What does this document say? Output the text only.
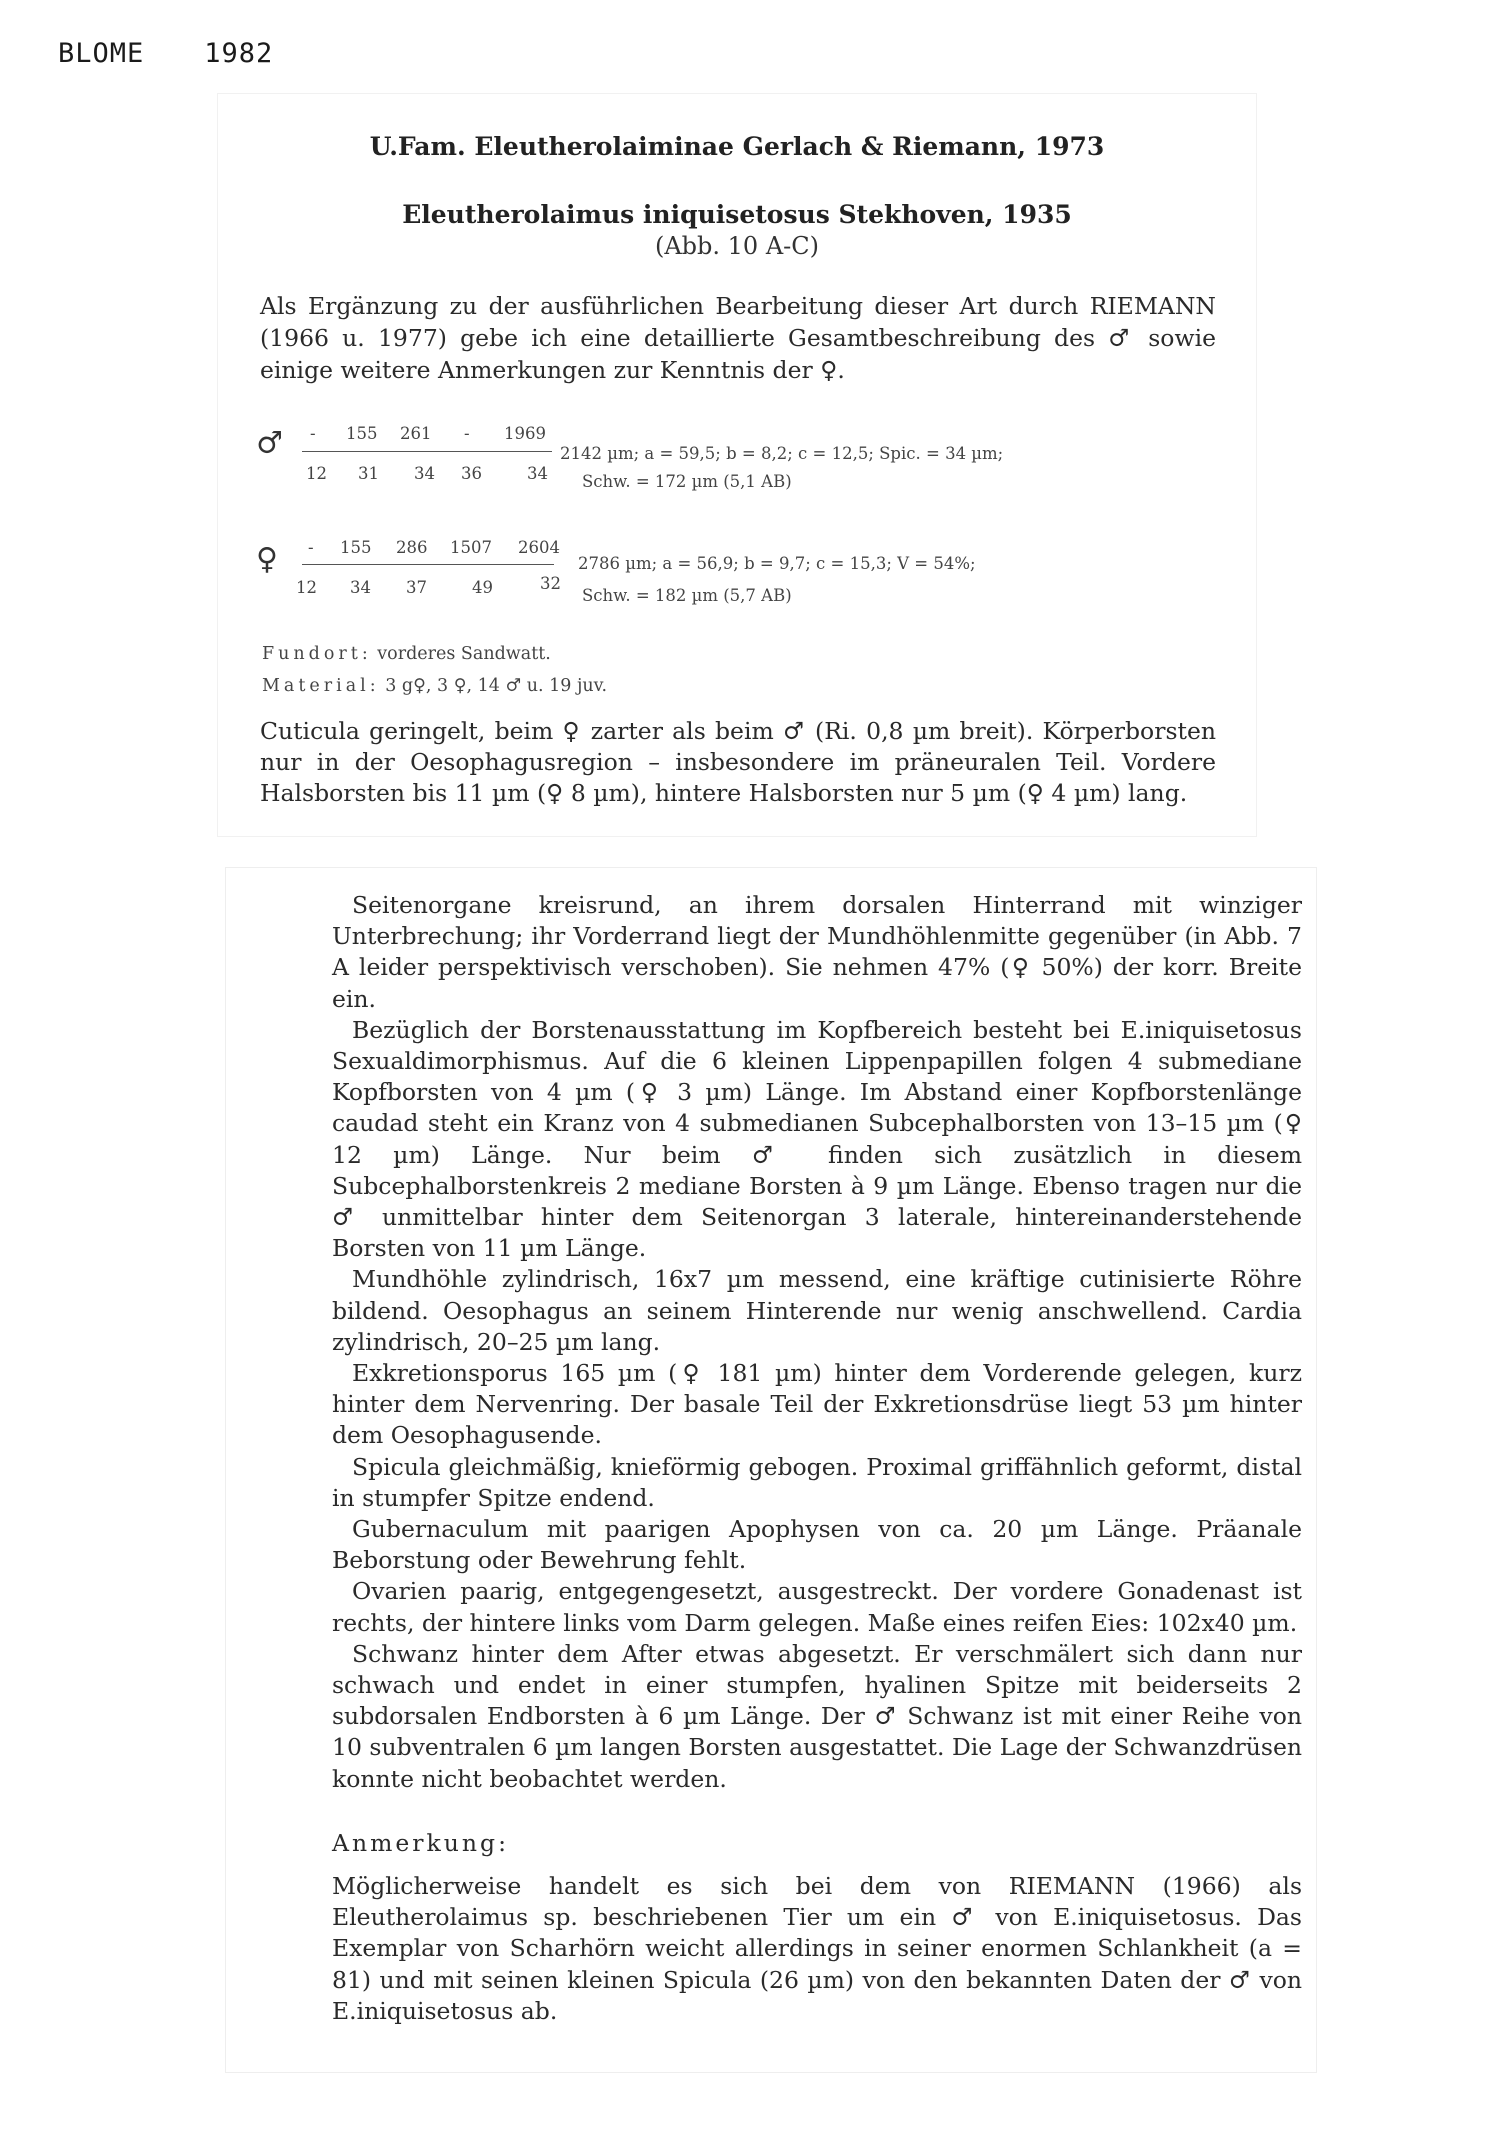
BLOME 1982
U.Fam. Eleutherolaiminae Gerlach & Riemann, 1973
Eleutherolaimus iniquisetosus Stekhoven, 1935
(Abb. 10 A-C)
Als Ergänzung zu der ausführlichen Bearbeitung dieser Art durch RIEMANN (1966 u. 1977) gebe ich eine detaillierte Gesamtbeschreibung des ♂ sowie einige weitere Anmerkungen zur Kenntnis der ♀.
♂ - 155 261 - 1969
12 31 34 36	34
2142 µm; a = 59,5; b = 8,2; c = 12,5; Spic. = 34 µm;
Schw. = 172 µm (5,1 AB)
♀ - 155 286 1507 2604
12 34 37	49	32
2786 µm; a = 56,9; b = 9,7; c = 15,3; V = 54%;
Schw. = 182 µm (5,7 AB)
Fundort: vorderes Sandwatt.
Material: 3 g♀, 3 ♀, 14 ♂ u. 19 juv.
Cuticula geringelt, beim ♀ zarter als beim ♂ (Ri. 0,8 µm breit). Körperborsten nur in der Oesophagusregion – insbesondere im präneuralen Teil. Vordere Halsborsten bis 11 µm (♀ 8 µm), hintere Halsborsten nur 5 µm (♀ 4 µm) lang.

Seitenorgane kreisrund, an ihrem dorsalen Hinterrand mit winziger Unterbrechung; ihr Vorderrand liegt der Mundhöhlenmitte gegenüber (in Abb. 7 A leider perspektivisch verschoben). Sie nehmen 47% (♀ 50%) der korr. Breite ein.

Bezüglich der Borstenausstattung im Kopfbereich besteht bei E.iniquisetosus Sexualdimorphismus. Auf die 6 kleinen Lippenpapillen folgen 4 submediane Kopfborsten von 4 µm (♀ 3 µm) Länge. Im Abstand einer Kopfborstenlänge caudad steht ein Kranz von 4 submedianen Subcephalborsten von 13–15 µm (♀ 12 µm) Länge. Nur beim ♂ finden sich zusätzlich in diesem Subcephalborstenkreis 2 mediane Borsten à 9 µm Länge. Ebenso tragen nur die ♂ unmittelbar hinter dem Seitenorgan 3 laterale, hintereinanderstehende Borsten von 11 µm Länge.

Mundhöhle zylindrisch, 16x7 µm messend, eine kräftige cutinisierte Röhre bildend. Oesophagus an seinem Hinterende nur wenig anschwellend. Cardia zylindrisch, 20–25 µm lang.

Exkretionsporus 165 µm (♀ 181 µm) hinter dem Vorderende gelegen, kurz hinter dem Nervenring. Der basale Teil der Exkretionsdrüse liegt 53 µm hinter dem Oesophagusende.

Spicula gleichmäßig, knieförmig gebogen. Proximal griffähnlich geformt, distal in stumpfer Spitze endend.

Gubernaculum mit paarigen Apophysen von ca. 20 µm Länge. Präanale Beborstung oder Bewehrung fehlt.

Ovarien paarig, entgegengesetzt, ausgestreckt. Der vordere Gonadenast ist rechts, der hintere links vom Darm gelegen. Maße eines reifen Eies: 102x40 µm.

Schwanz hinter dem After etwas abgesetzt. Er verschmälert sich dann nur schwach und endet in einer stumpfen, hyalinen Spitze mit beiderseits 2 subdorsalen Endborsten à 6 µm Länge. Der ♂ Schwanz ist mit einer Reihe von 10 subventralen 6 µm langen Borsten ausgestattet. Die Lage der Schwanzdrüsen konnte nicht beobachtet werden.

Anmerkung:

Möglicherweise handelt es sich bei dem von RIEMANN (1966) als Eleutherolaimus sp. beschriebenen Tier um ein ♂ von E.iniquisetosus. Das Exemplar von Scharhörn weicht allerdings in seiner enormen Schlankheit (a = 81) und mit seinen kleinen Spicula (26 µm) von den bekannten Daten der ♂ von E.iniquisetosus ab.
